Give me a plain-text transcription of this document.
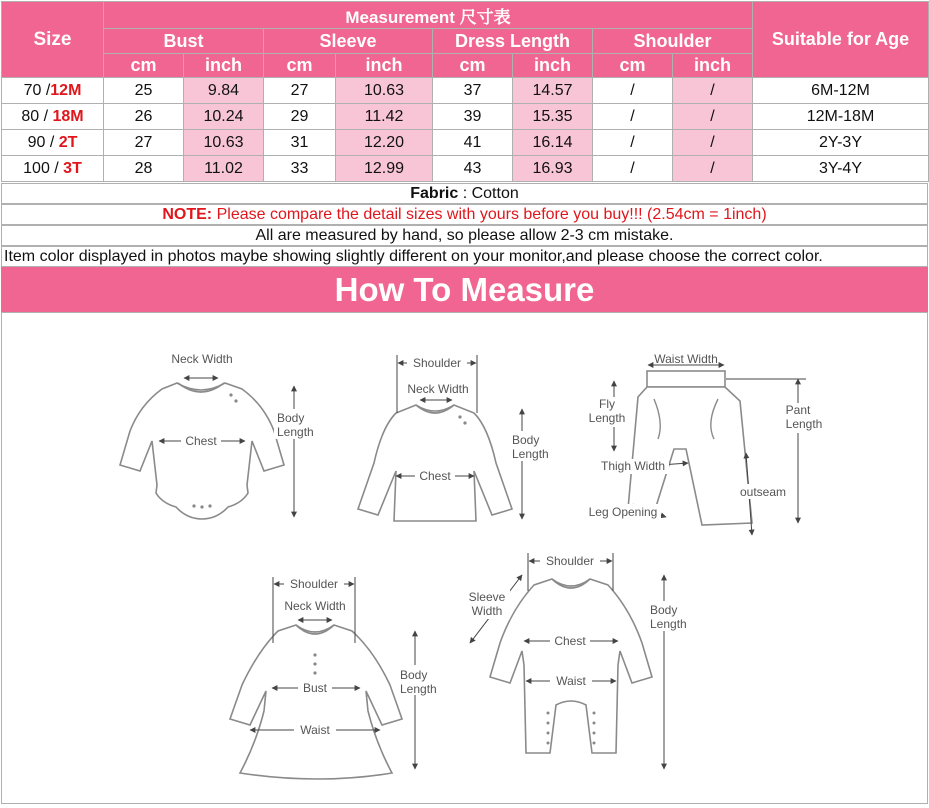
Size	Measurement 尺寸表								Suitable for Age
	Bust		Sleeve		Dress Length		Shoulder		
	cm	inch	cm	inch	cm	inch	cm	inch	
70 /12M	25	9.84	27	10.63	37	14.57	/	/	6M-12M
80 / 18M	26	10.24	29	11.42	39	15.35	/	/	12M-18M
90 / 2T	27	10.63	31	12.20	41	16.14	/	/	2Y-3Y
100 / 3T	28	11.02	33	12.99	43	16.93	/	/	3Y-4Y
Fabric : Cotton
NOTE: Please compare the detail sizes with yours before you buy!!! (2.54cm = 1inch)
All are measured by hand, so please allow 2-3 cm mistake.
Item color displayed in photos maybe showing slightly different on your monitor,and please choose the correct color.
How To Measure
Neck Width
Chest
Body
Length
Shoulder
Neck Width
Chest
Body
Length
Waist Width
Fly
Length
Thigh Width
Leg Opening
Pant
Length
outseam
Shoulder
Neck Width
Bust
Waist
Body
Length
Shoulder
Sleeve
Width
Chest
Waist
Body
Length
